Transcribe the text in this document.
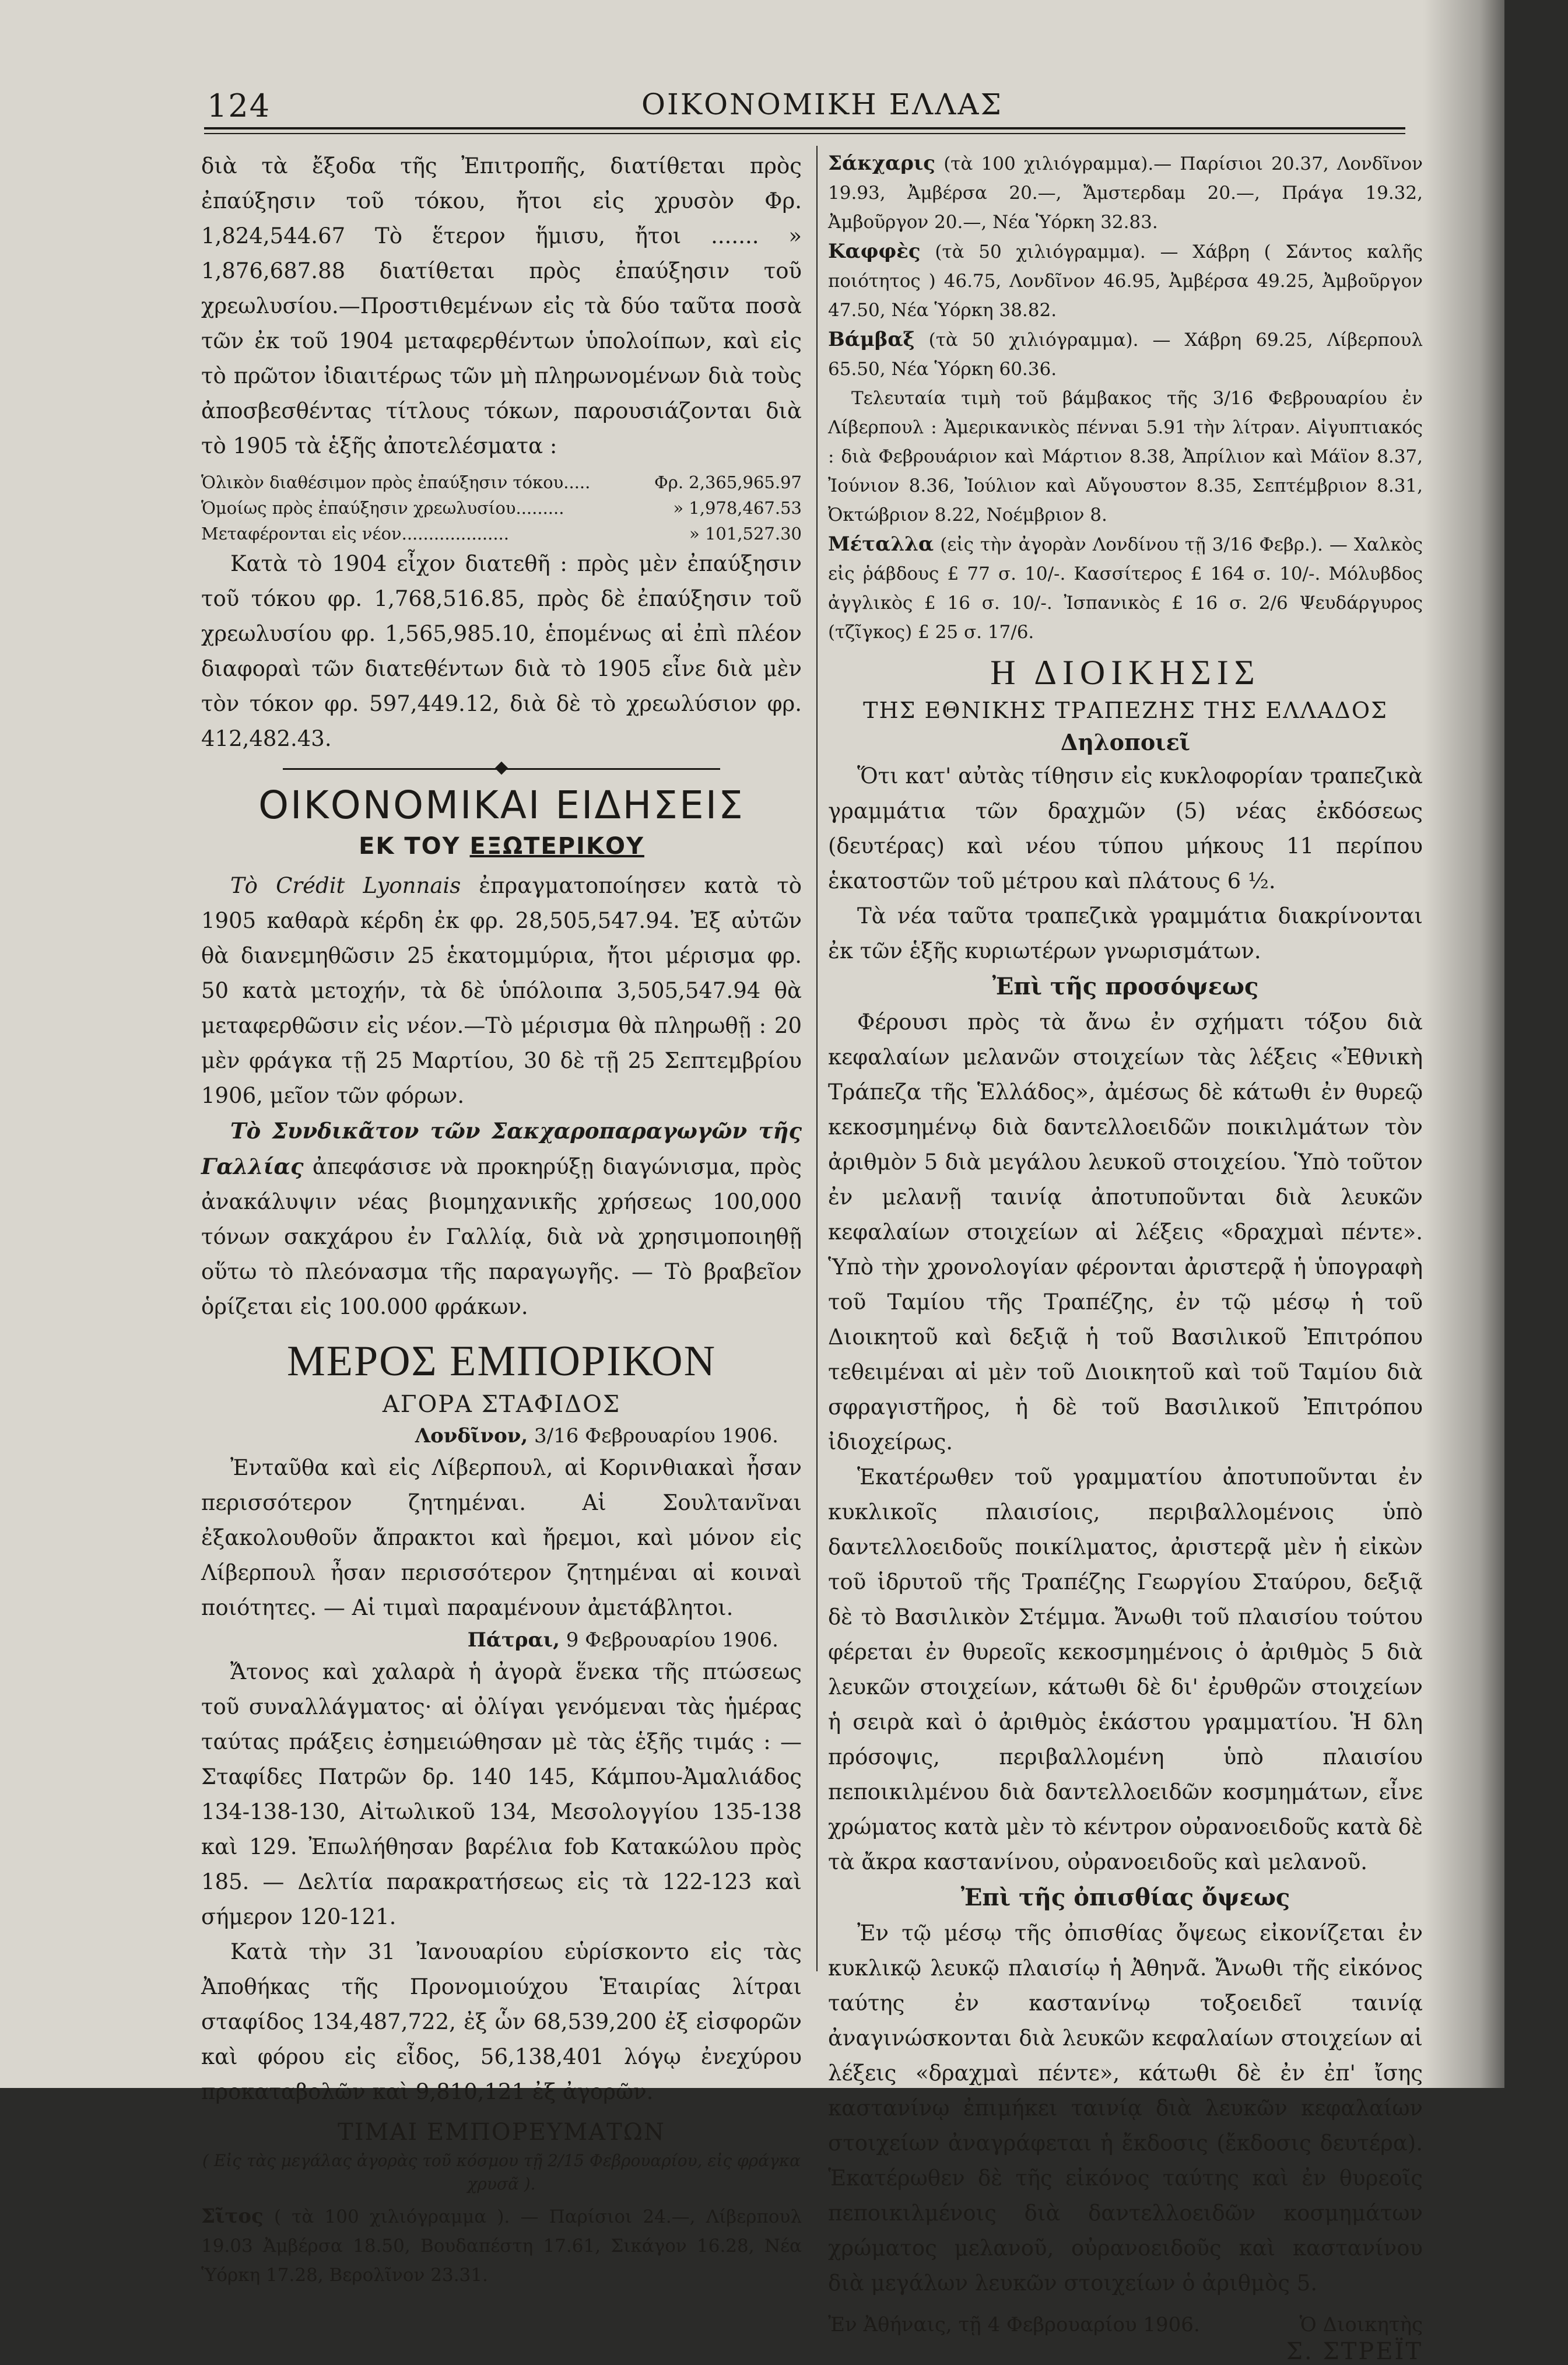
124	ΟΙΚΟΝΟΜΙΚΗ ΕΛΛΑΣ

διὰ τὰ ἔξοδα τῆς Ἐπιτροπῆς, διατίθεται πρὸς ἐπαύξησιν τοῦ τόκου, ἤτοι εἰς χρυσὸν Φρ. 1,824,544.67 Τὸ ἕτερον ἥμισυ, ἤτοι ....... » 1,876,687.88 διατίθεται πρὸς ἐπαύξησιν τοῦ χρεωλυσίου.—Προστιθεμένων εἰς τὰ δύο ταῦτα ποσὰ τῶν ἐκ τοῦ 1904 μεταφερθέντων ὑπολοίπων, καὶ εἰς τὸ πρῶτον ἰδιαιτέρως τῶν μὴ πληρωνομένων διὰ τοὺς ἀποσβεσθέντας τίτλους τόκων, παρουσιάζονται διὰ τὸ 1905 τὰ ἑξῆς ἀποτελέσματα :

Ὁλικὸν διαθέσιμον πρὸς ἐπαύξησιν τόκου.....	Φρ. 2,365,965.97
Ὁμοίως πρὸς ἐπαύξησιν χρεωλυσίου.........	» 1,978,467.53
Μεταφέρονται εἰς νέον....................	» 101,527.30

Κατὰ τὸ 1904 εἶχον διατεθῆ : πρὸς μὲν ἐπαύξησιν τοῦ τόκου φρ. 1,768,516.85, πρὸς δὲ ἐπαύξησιν τοῦ χρεωλυσίου φρ. 1,565,985.10, ἑπομένως αἱ ἐπὶ πλέον διαφοραὶ τῶν διατεθέντων διὰ τὸ 1905 εἶνε διὰ μὲν τὸν τόκον φρ. 597,449.12, διὰ δὲ τὸ χρεωλύσιον φρ. 412,482.43.

ΟΙΚΟΝΟΜΙΚΑΙ ΕΙΔΗΣΕΙΣ
ΕΚ ΤΟΥ ΕΞΩΤΕΡΙΚΟΥ

Τὸ Crédit Lyonnais ἐπραγματοποίησεν κατὰ τὸ 1905 καθαρὰ κέρδη ἐκ φρ. 28,505,547.94. Ἐξ αὐτῶν θὰ διανεμηθῶσιν 25 ἑκατομμύρια, ἤτοι μέρισμα φρ. 50 κατὰ μετοχήν, τὰ δὲ ὑπόλοιπα 3,505,547.94 θὰ μεταφερθῶσιν εἰς νέον.—Τὸ μέρισμα θὰ πληρωθῇ : 20 μὲν φράγκα τῇ 25 Μαρτίου, 30 δὲ τῇ 25 Σεπτεμβρίου 1906, μεῖον τῶν φόρων.

Τὸ Συνδικᾶτον τῶν Σακχαροπαραγωγῶν τῆς Γαλλίας ἀπεφάσισε νὰ προκηρύξῃ διαγώνισμα, πρὸς ἀνακάλυψιν νέας βιομηχανικῆς χρήσεως 100,000 τόνων σακχάρου ἐν Γαλλίᾳ, διὰ νὰ χρησιμοποιηθῇ οὕτω τὸ πλεόνασμα τῆς παραγωγῆς. — Τὸ βραβεῖον ὁρίζεται εἰς 100.000 φράκων.

ΜΕΡΟΣ ΕΜΠΟΡΙΚΟΝ
ΑΓΟΡΑ ΣΤΑΦΙΔΟΣ
Λονδῖνον, 3/16 Φεβρουαρίου 1906.

Ἐνταῦθα καὶ εἰς Λίβερπουλ, αἱ Κορινθιακαὶ ἦσαν περισσότερον ζητημέναι. Αἱ Σουλτανῖναι ἐξακολουθοῦν ἄπρακτοι καὶ ἤρεμοι, καὶ μόνον εἰς Λίβερπουλ ἦσαν περισσότερον ζητημέναι αἱ κοιναὶ ποιότητες. — Αἱ τιμαὶ παραμένουν ἀμετάβλητοι.

Πάτραι, 9 Φεβρουαρίου 1906.

Ἄτονος καὶ χαλαρὰ ἡ ἀγορὰ ἕνεκα τῆς πτώσεως τοῦ συναλλάγματος· αἱ ὀλίγαι γενόμεναι τὰς ἡμέρας ταύτας πράξεις ἐσημειώθησαν μὲ τὰς ἑξῆς τιμάς : — Σταφίδες Πατρῶν δρ. 140 145, Κάμπου-Ἀμαλιάδος 134-138-130, Αἰτωλικοῦ 134, Μεσολογγίου 135-138 καὶ 129. Ἐπωλήθησαν βαρέλια fob Κατακώλου πρὸς 185. — Δελτία παρακρατήσεως εἰς τὰ 122-123 καὶ σήμερον 120-121.

Κατὰ τὴν 31 Ἰανουαρίου εὑρίσκοντο εἰς τὰς Ἀποθήκας τῆς Προνομιούχου Ἑταιρίας λίτραι σταφίδος 134,487,722, ἐξ ὧν 68,539,200 ἐξ εἰσφορῶν καὶ φόρου εἰς εἶδος, 56,138,401 λόγῳ ἐνεχύρου προκαταβολῶν καὶ 9,810,121 ἐξ ἀγορῶν.

ΤΙΜΑΙ ΕΜΠΟΡΕΥΜΑΤΩΝ
( Εἰς τὰς μεγάλας ἀγορὰς τοῦ κόσμου τῇ 2/15 Φεβρουαρίου, εἰς φράγκα χρυσᾶ ).

Σῖτος ( τὰ 100 χιλιόγραμμα ). — Παρίσιοι 24.—, Λίβερπουλ 19.03 Ἀμβέρσα 18.50, Βουδαπέστη 17.61, Σικάγον 16.28, Νέα Ὑόρκη 17.28, Βερολῖνον 23.31.

Σάκχαρις (τὰ 100 χιλιόγραμμα).— Παρίσιοι 20.37, Λονδῖνον 19.93, Ἀμβέρσα 20.—, Ἄμστερδαμ 20.—, Πράγα 19.32, Ἀμβοῦργον 20.—, Νέα Ὑόρκη 32.83.

Καφφὲς (τὰ 50 χιλιόγραμμα). — Χάβρη ( Σάντος καλῆς ποιότητος ) 46.75, Λονδῖνον 46.95, Ἀμβέρσα 49.25, Ἀμβοῦργον 47.50, Νέα Ὑόρκη 38.82.

Βάμβαξ (τὰ 50 χιλιόγραμμα). — Χάβρη 69.25, Λίβερπουλ 65.50, Νέα Ὑόρκη 60.36.

Τελευταία τιμὴ τοῦ βάμβακος τῆς 3/16 Φεβρουαρίου ἐν Λίβερπουλ : Ἀμερικανικὸς πένναι 5.91 τὴν λίτραν. Αἰγυπτιακός : διὰ Φεβρουάριον καὶ Μάρτιον 8.38, Ἀπρίλιον καὶ Μάϊον 8.37, Ἰούνιον 8.36, Ἰούλιον καὶ Αὔγουστον 8.35, Σεπτέμβριον 8.31, Ὀκτώβριον 8.22, Νοέμβριον 8.

Μέταλλα (εἰς τὴν ἀγορὰν Λονδίνου τῇ 3/16 Φεβρ.). — Χαλκὸς εἰς ῥάβδους £ 77 σ. 10/-. Κασσίτερος £ 164 σ. 10/-. Μόλυβδος ἀγγλικὸς £ 16 σ. 10/-. Ἰσπανικὸς £ 16 σ. 2/6 Ψευδάργυρος (τζῖγκος) £ 25 σ. 17/6.

Η ΔΙΟΙΚΗΣΙΣ
ΤΗΣ ΕΘΝΙΚΗΣ ΤΡΑΠΕΖΗΣ ΤΗΣ ΕΛΛΑΔΟΣ
Δηλοποιεῖ

Ὅτι κατ' αὐτὰς τίθησιν εἰς κυκλοφορίαν τραπεζικὰ γραμμάτια τῶν δραχμῶν (5) νέας ἐκδόσεως (δευτέρας) καὶ νέου τύπου μήκους 11 περίπου ἑκατοστῶν τοῦ μέτρου καὶ πλάτους 6 ½.

Τὰ νέα ταῦτα τραπεζικὰ γραμμάτια διακρίνονται ἐκ τῶν ἑξῆς κυριωτέρων γνωρισμάτων.

Ἐπὶ τῆς προσόψεως

Φέρουσι πρὸς τὰ ἄνω ἐν σχήματι τόξου διὰ κεφαλαίων μελανῶν στοιχείων τὰς λέξεις «Ἐθνικὴ Τράπεζα τῆς Ἑλλάδος», ἀμέσως δὲ κάτωθι ἐν θυρεῷ κεκοσμημένῳ διὰ δαντελλοειδῶν ποικιλμάτων τὸν ἀριθμὸν 5 διὰ μεγάλου λευκοῦ στοιχείου. Ὑπὸ τοῦτον ἐν μελανῇ ταινίᾳ ἀποτυποῦνται διὰ λευκῶν κεφαλαίων στοιχείων αἱ λέξεις «δραχμαὶ πέντε». Ὑπὸ τὴν χρονολογίαν φέρονται ἀριστερᾷ ἡ ὑπογραφὴ τοῦ Ταμίου τῆς Τραπέζης, ἐν τῷ μέσῳ ἡ τοῦ Διοικητοῦ καὶ δεξιᾷ ἡ τοῦ Βασιλικοῦ Ἐπιτρόπου τεθειμέναι αἱ μὲν τοῦ Διοικητοῦ καὶ τοῦ Ταμίου διὰ σφραγιστῆρος, ἡ δὲ τοῦ Βασιλικοῦ Ἐπιτρόπου ἰδιοχείρως.

Ἑκατέρωθεν τοῦ γραμματίου ἀποτυποῦνται ἐν κυκλικοῖς πλαισίοις, περιβαλλομένοις ὑπὸ δαντελλοειδοῦς ποικίλματος, ἀριστερᾷ μὲν ἡ εἰκὼν τοῦ ἱδρυτοῦ τῆς Τραπέζης Γεωργίου Σταύρου, δεξιᾷ δὲ τὸ Βασιλικὸν Στέμμα. Ἄνωθι τοῦ πλαισίου τούτου φέρεται ἐν θυρεοῖς κεκοσμημένοις ὁ ἀριθμὸς 5 διὰ λευκῶν στοιχείων, κάτωθι δὲ δι' ἐρυθρῶν στοιχείων ἡ σειρὰ καὶ ὁ ἀριθμὸς ἑκάστου γραμματίου. Ἡ δλη πρόσοψις, περιβαλλομένη ὑπὸ πλαισίου πεποικιλμένου διὰ δαντελλοειδῶν κοσμημάτων, εἶνε χρώματος κατὰ μὲν τὸ κέντρον οὐρανοειδοῦς κατὰ δὲ τὰ ἄκρα καστανίνου, οὐρανοειδοῦς καὶ μελανοῦ.

Ἐπὶ τῆς ὀπισθίας ὄψεως

Ἐν τῷ μέσῳ τῆς ὀπισθίας ὄψεως εἰκονίζεται ἐν κυκλικῷ λευκῷ πλαισίῳ ἡ Ἀθηνᾶ. Ἄνωθι τῆς εἰκόνος ταύτης ἐν καστανίνῳ τοξοειδεῖ ταινίᾳ ἀναγινώσκονται διὰ λευκῶν κεφαλαίων στοιχείων αἱ λέξεις «δραχμαὶ πέντε», κάτωθι δὲ ἐν ἐπ' ἴσης καστανίνῳ ἐπιμήκει ταινίᾳ διὰ λευκῶν κεφαλαίων στοιχείων ἀναγράφεται ἡ ἔκδοσις (ἔκδοσις δευτέρα). Ἑκατέρωθεν δὲ τῆς εἰκόνος ταύτης καὶ ἐν θυρεοῖς πεποικιλμένοις διὰ δαντελλοειδῶν κοσμημάτων χρώματος μελανοῦ, οὐρανοειδοῦς καὶ καστανίνου διὰ μεγάλων λευκῶν στοιχείων ὁ ἀριθμὸς 5.

Ἐν Ἀθήναις, τῇ 4 Φεβρουαρίου 1906.	Ὁ Διοικητὴς
Σ. ΣΤΡΕΪΤ
